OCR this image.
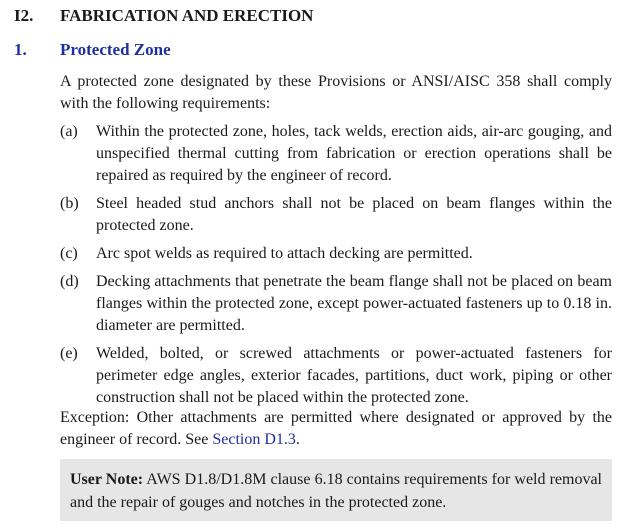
I2. FABRICATION AND ERECTION
1. Protected Zone
A protected zone designated by these Provisions or ANSI/AISC 358 shall comply with the following requirements:
(a)	Within the protected zone, holes, tack welds, erection aids, air-arc gouging, and unspecified thermal cutting from fabrication or erection operations shall be repaired as required by the engineer of record.
(b)	Steel headed stud anchors shall not be placed on beam flanges within the protected zone.
(c)	Arc spot welds as required to attach decking are permitted.
(d)	Decking attachments that penetrate the beam flange shall not be placed on beam flanges within the protected zone, except power-actuated fasteners up to 0.18 in. diameter are permitted.
(e)	Welded, bolted, or screwed attachments or power-actuated fasteners for perimeter edge angles, exterior facades, partitions, duct work, piping or other construction shall not be placed within the protected zone.
Exception: Other attachments are permitted where designated or approved by the engineer of record. See Section D1.3.
User Note: AWS D1.8/D1.8M clause 6.18 contains requirements for weld removal and the repair of gouges and notches in the protected zone.
